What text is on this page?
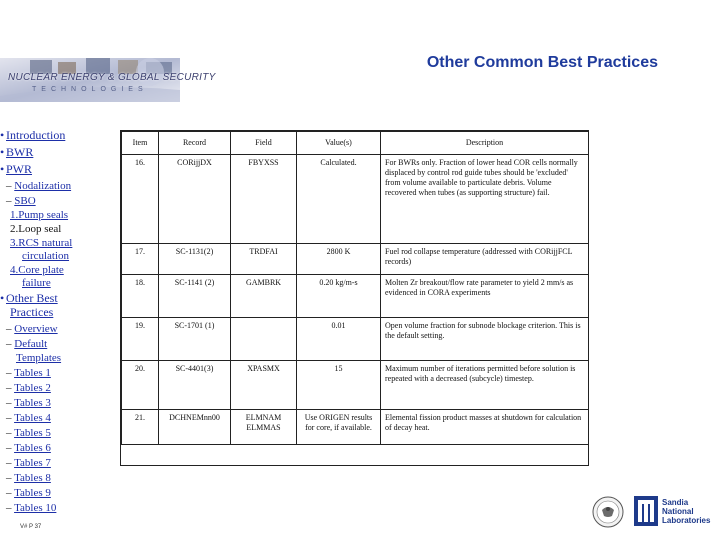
NUCLEAR ENERGY & GLOBAL SECURITY
TECHNOLOGIES
Other Common Best Practices
• Introduction
• BWR
• PWR
– Nodalization
– SBO
1.Pump seals
2.Loop seal
3.RCS natural
circulation
4.Core plate
failure
• Other Best
Practices
– Overview
– Default
Templates
– Tables 1
– Tables 2
– Tables 3
– Tables 4
– Tables 5
– Tables 6
– Tables 7
– Tables 8
– Tables 9
– Tables 10
V# P 37
Item	Record	Field	Value(s)	Description
16.	CORijjDX	FBYXSS	Calculated.	For BWRs only. Fraction of lower head COR cells normally displaced by control rod guide tubes should be 'excluded' from volume available to particulate debris. Volume recovered when tubes (as supporting structure) fail.
17.	SC-1131(2)	TRDFAI	2800 K	Fuel rod collapse temperature (addressed with CORijjFCL records)
18.	SC-1141 (2)	GAMBRK	0.20 kg/m-s	Molten Zr breakout/flow rate parameter to yield 2 mm/s as evidenced in CORA experiments
19.	SC-1701 (1)		0.01	Open volume fraction for subnode blockage criterion. This is the default setting.
20.	SC-4401(3)	XPASMX	15	Maximum number of iterations permitted before solution is repeated with a decreased (subcycle) timestep.
21.	DCHNEMnn00	ELMNAM
ELMMAS	Use ORIGEN results for core, if available.	Elemental fission product masses at shutdown for calculation of decay heat.
Sandia
National
Laboratories
